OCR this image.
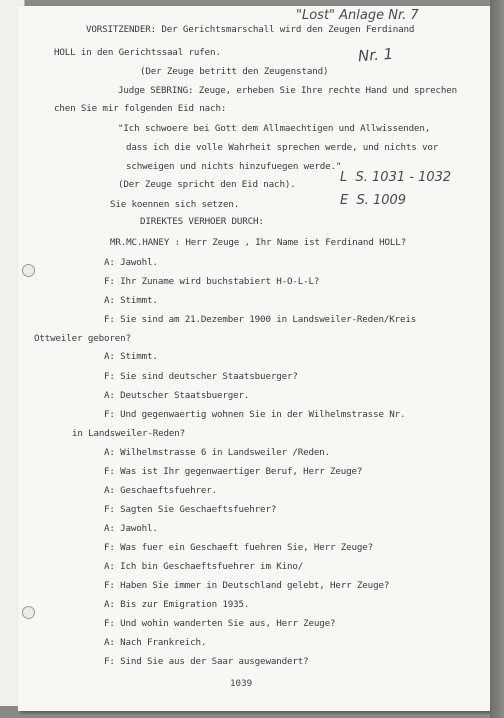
"Lost" Anlage Nr. 7
Nr. 1
L  S. 1031 - 1032
E  S. 1009
VORSITZENDER: Der Gerichtsmarschall wird den Zeugen Ferdinand
HOLL in den Gerichtssaal rufen.
(Der Zeuge betritt den Zeugenstand)
Judge SEBRING: Zeuge, erheben Sie Ihre rechte Hand und sprechen
chen Sie mir folgenden Eid nach:
"Ich schwoere bei Gott dem Allmaechtigen und Allwissenden,
dass ich die volle Wahrheit sprechen werde, und nichts vor
schweigen und nichts hinzufuegen werde."
(Der Zeuge spricht den Eid nach).
Sie koennen sich setzen.
DIREKTES VERHOER DURCH:
MR.MC.HANEY : Herr Zeuge , Ihr Name ist Ferdinand HOLL?
A: Jawohl.
F: Ihr Zuname wird buchstabiert H-O-L-L?
A: Stimmt.
F: Sie sind am 21.Dezember 1900 in Landsweiler-Reden/Kreis
Ottweiler geboren?
A: Stimmt.
F: Sie sind deutscher Staatsbuerger?
A: Deutscher Staatsbuerger.
F: Und gegenwaertig wohnen Sie in der Wilhelmstrasse Nr.
in Landsweiler-Reden?
A: Wilhelmstrasse 6 in Landsweiler /Reden.
F: Was ist Ihr gegenwaertiger Beruf, Herr Zeuge?
A: Geschaeftsfuehrer.
F: Sagten Sie Geschaeftsfuehrer?
A: Jawohl.
F: Was fuer ein Geschaeft fuehren Sie, Herr Zeuge?
A: Ich bin Geschaeftsfuehrer im Kino/
F: Haben Sie immer in Deutschland gelebt, Herr Zeuge?
A: Bis zur Emigration 1935.
F: Und wohin wanderten Sie aus, Herr Zeuge?
A: Nach Frankreich.
F: Sind Sie aus der Saar ausgewandert?
1039
